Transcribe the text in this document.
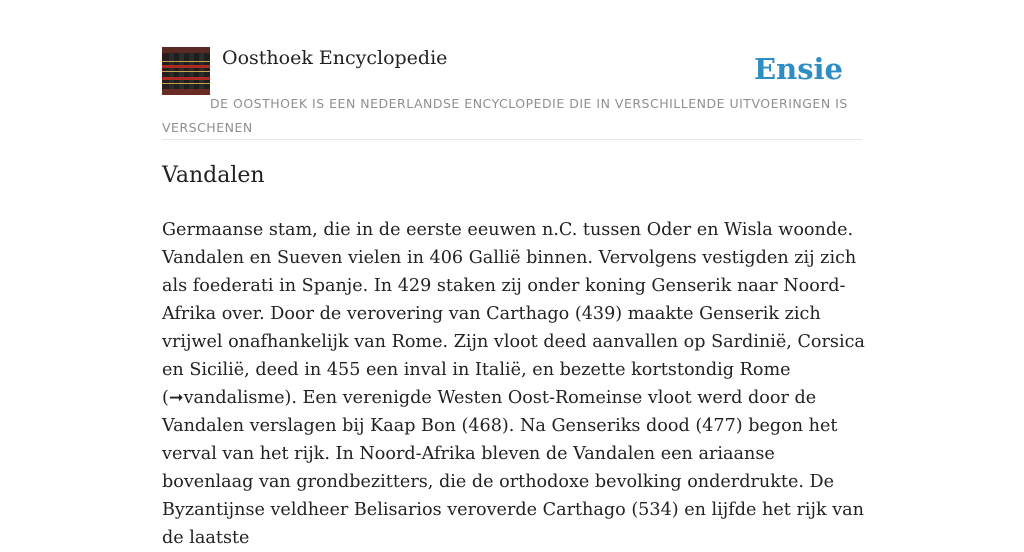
Oosthoek Encyclopedie	Ensie
DE OOSTHOEK IS EEN NEDERLANDSE ENCYCLOPEDIE DIE IN VERSCHILLENDE UITVOERINGEN IS VERSCHENEN
Vandalen

Germaanse stam, die in de eerste eeuwen n.C. tussen Oder en Wisla woonde. Vandalen en Sueven vielen in 406 Gallië binnen. Vervolgens vestigden zij zich als foederati in Spanje. In 429 staken zij onder koning Genserik naar Noord-Afrika over. Door de verovering van Carthago (439) maakte Genserik zich vrijwel onafhankelijk van Rome. Zijn vloot deed aanvallen op Sardinië, Corsica en Sicilië, deed in 455 een inval in Italië, en bezette kortstondig Rome (➞vandalisme). Een verenigde Westen Oost-Romeinse vloot werd door de Vandalen verslagen bij Kaap Bon (468). Na Genseriks dood (477) begon het verval van het rijk. In Noord-Afrika bleven de Vandalen een ariaanse bovenlaag van grondbezitters, die de orthodoxe bevolking onderdrukte. De Byzantijnse veldheer Belisarios veroverde Carthago (534) en lijfde het rijk van de laatste
